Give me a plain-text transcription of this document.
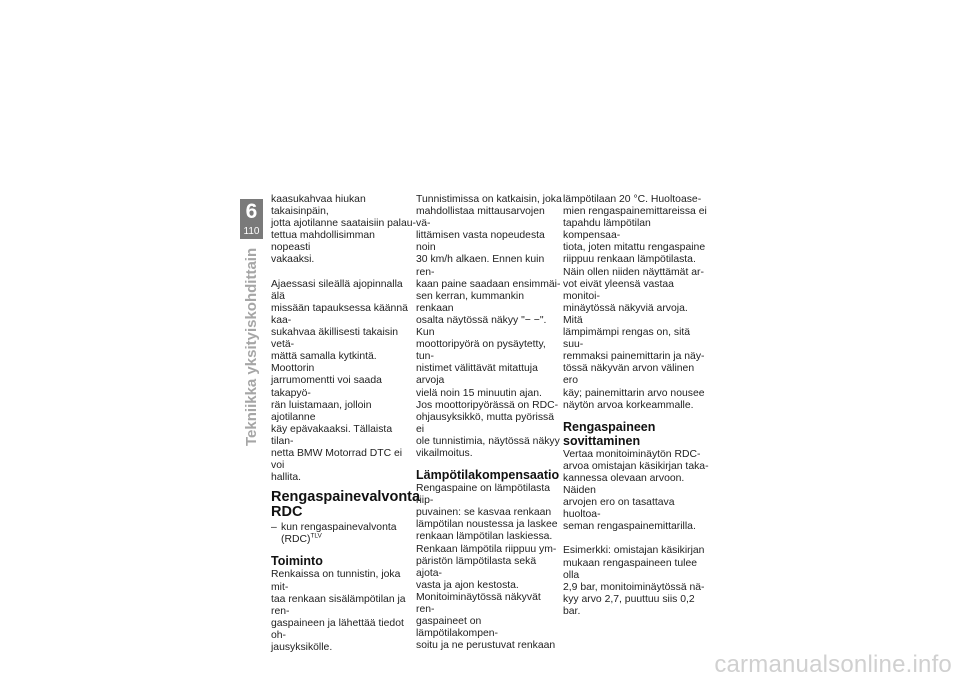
6
110
Tekniikka yksityiskohdittain

kaasukahvaa hiukan takaisinpäin,
jotta ajotilanne saataisiin palau-
tettua mahdollisimman nopeasti
vakaaksi.

Ajaessasi sileällä ajopinnalla älä
missään tapauksessa käännä kaa-
sukahvaa äkillisesti takaisin vetä-
mättä samalla kytkintä. Moottorin
jarrumomentti voi saada takapyö-
rän luistamaan, jolloin ajotilanne
käy epävakaaksi. Tällaista tilan-
netta BMW Motorrad DTC ei voi
hallita.

Rengaspainevalvonta
RDC
– kun rengaspainevalvonta
(RDC)$^{TLV}$
Toiminto

Renkaissa on tunnistin, joka mit-
taa renkaan sisälämpötilan ja ren-
gaspaineen ja lähettää tiedot oh-
jausyksikölle.

Tunnistimissa on katkaisin, joka
mahdollistaa mittausarvojen vä-
littämisen vasta nopeudesta noin
30 km/h alkaen. Ennen kuin ren-
kaan paine saadaan ensimmäi-
sen kerran, kummankin renkaan
osalta näytössä näkyy "− −". Kun
moottoripyörä on pysäytetty, tun-
nistimet välittävät mitattuja arvoja
vielä noin 15 minuutin ajan.

Jos moottoripyörässä on RDC-
ohjausyksikkö, mutta pyörissä ei
ole tunnistimia, näytössä näkyy
vikailmoitus.

Lämpötilakompensaatio

Rengaspaine on lämpötilasta riip-
puvainen: se kasvaa renkaan
lämpötilan noustessa ja laskee
renkaan lämpötilan laskiessa.
Renkaan lämpötila riippuu ym-
päristön lämpötilasta sekä ajota-
vasta ja ajon kestosta.
Monitoiminäytössä näkyvät ren-
gaspaineet on lämpötilakompen-
soitu ja ne perustuvat renkaan

lämpötilaan 20 °C. Huoltoase-
mien rengaspainemittareissa ei
tapahdu lämpötilan kompensaa-
tiota, joten mitattu rengaspaine
riippuu renkaan lämpötilasta.
Näin ollen niiden näyttämät ar-
vot eivät yleensä vastaa monitoi-
minäytössä näkyviä arvoja. Mitä
lämpimämpi rengas on, sitä suu-
remmaksi painemittarin ja näy-
tössä näkyvän arvon välinen ero
käy; painemittarin arvo nousee
näytön arvoa korkeammalle.

Rengaspaineen
sovittaminen

Vertaa monitoiminäytön RDC-
arvoa omistajan käsikirjan taka-
kannessa olevaan arvoon. Näiden
arvojen ero on tasattava huoltoa-
seman rengaspainemittarilla.

Esimerkki: omistajan käsikirjan
mukaan rengaspaineen tulee olla
2,9 bar, monitoiminäytössä nä-
kyy arvo 2,7, puuttuu siis 0,2 bar.

carmanualsonline.info
